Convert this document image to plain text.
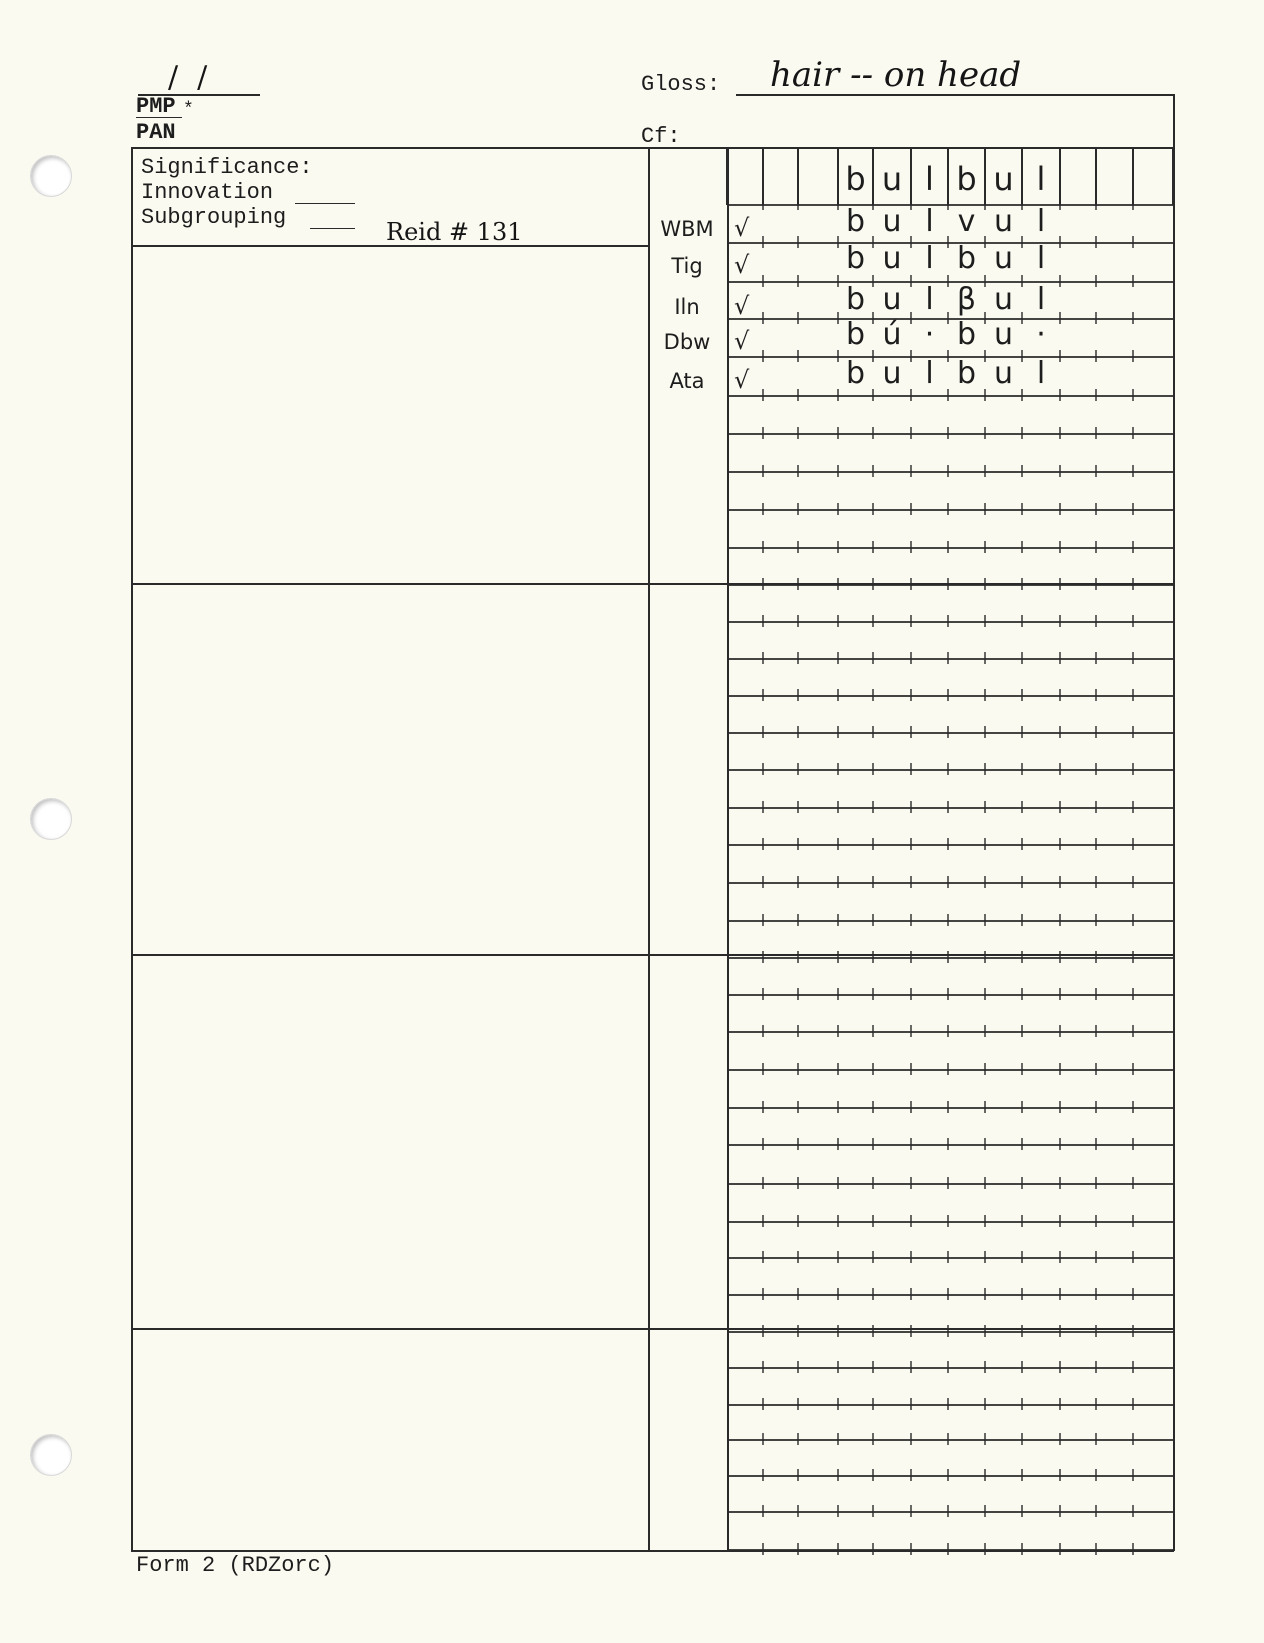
/  /
PMP *
PAN
Gloss: hair -- on head
Cf:
Significance:
Innovation
Subgrouping
Reid # 131
b u l b u l
WBM √	b u l v u l
Tig	√	b u l b u l
Iln	√	b u l β u l
Dbw √	b ú · b u ·
Ata	√	b u l b u l
Form 2 (RDZorc)
